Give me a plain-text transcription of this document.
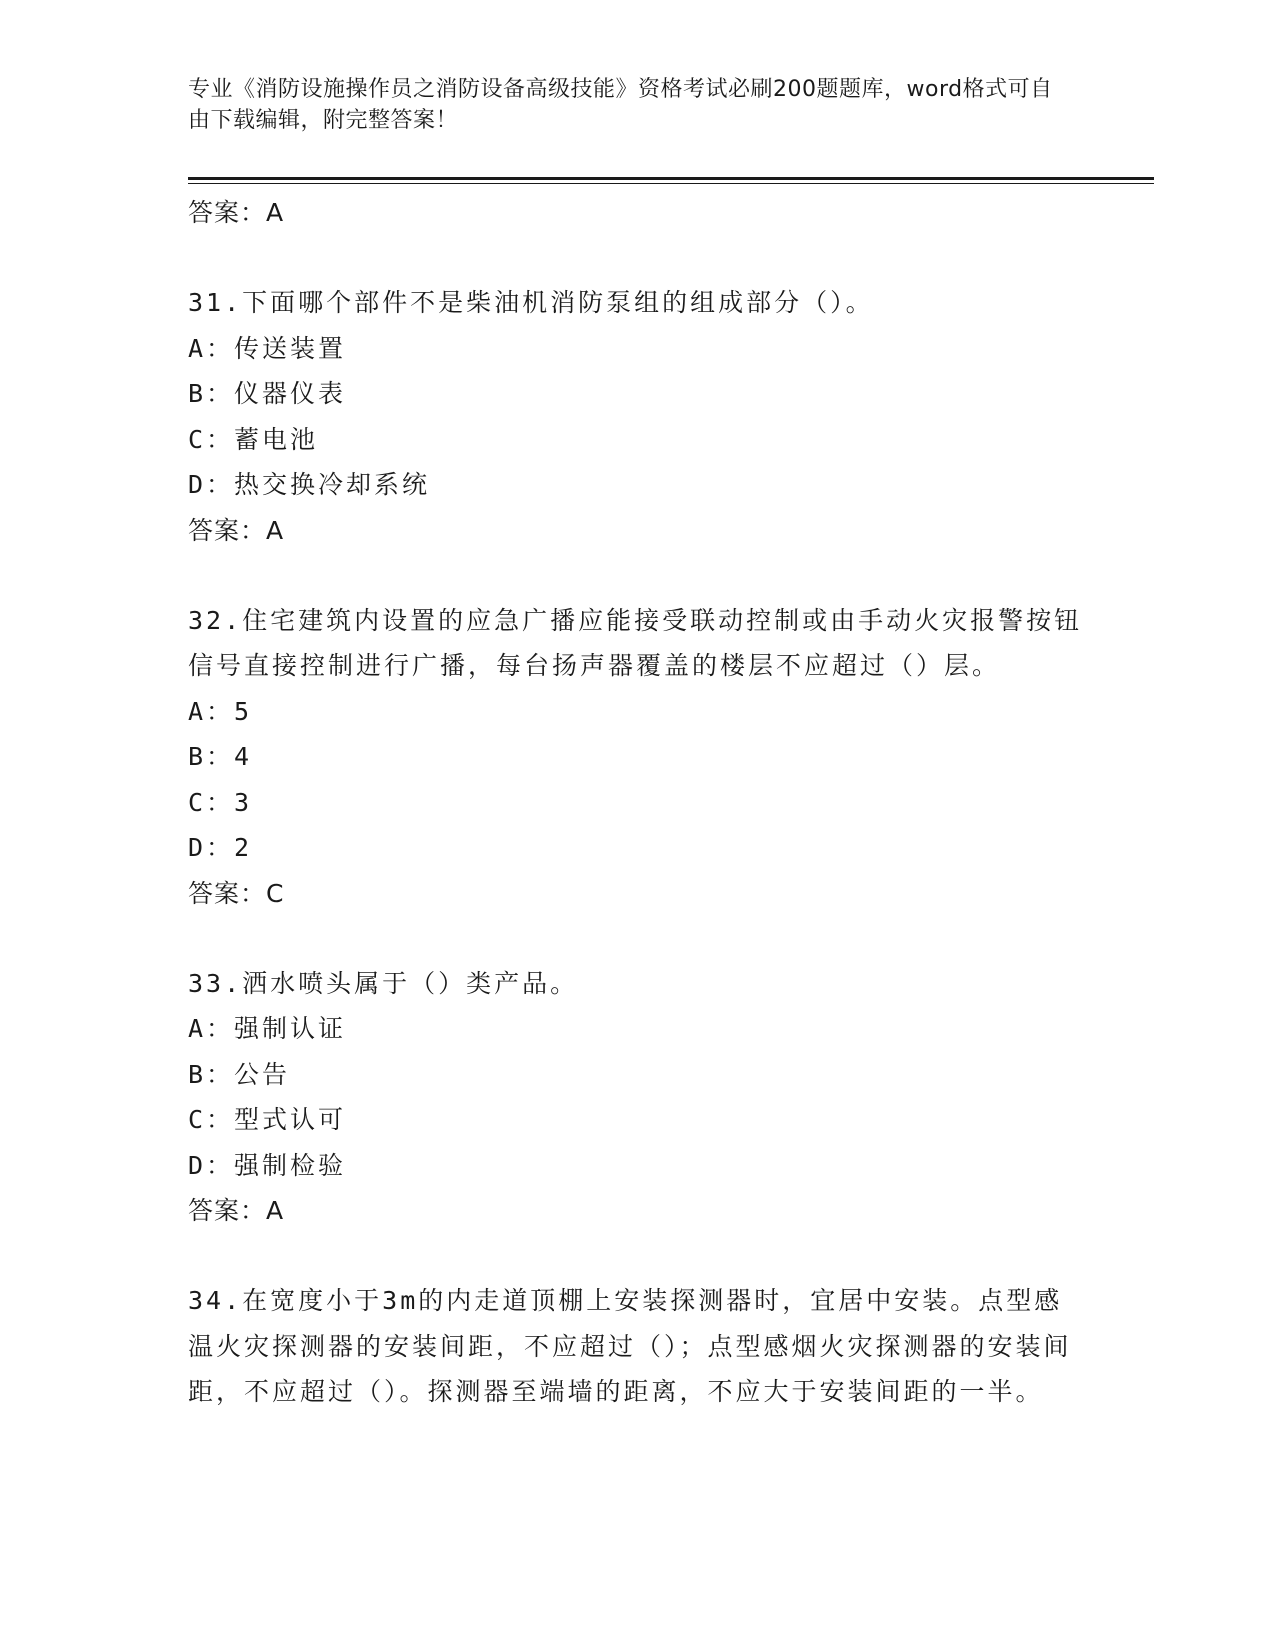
专业《消防设施操作员之消防设备高级技能》资格考试必刷200题题库，word格式可自由下载编辑，附完整答案！
答案：A

31.下面哪个部件不是柴油机消防泵组的组成部分（）。

A：传送装置
B：仪器仪表
C：蓄电池
D：热交换冷却系统
答案：A

32.住宅建筑内设置的应急广播应能接受联动控制或由手动火灾报警按钮信号直接控制进行广播，每台扬声器覆盖的楼层不应超过（）层。

A：5
B：4
C：3
D：2
答案：C

33.洒水喷头属于（）类产品。

A：强制认证
B：公告
C：型式认可
D：强制检验
答案：A

34.在宽度小于3m的内走道顶棚上安装探测器时，宜居中安装。点型感温火灾探测器的安装间距，不应超过（）；点型感烟火灾探测器的安装间距，不应超过（）。探测器至端墙的距离，不应大于安装间距的一半。
